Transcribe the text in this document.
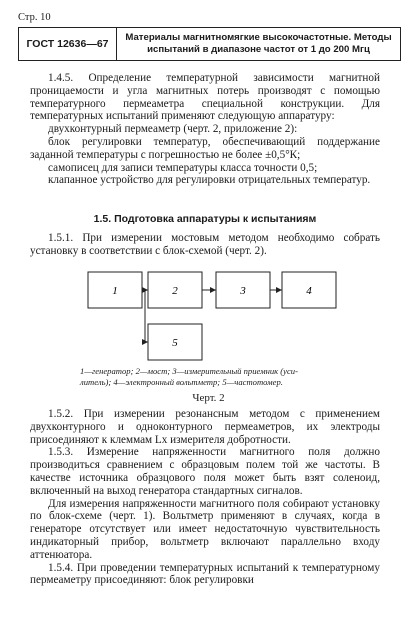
Стр. 10
ГОСТ 12636—67
Материалы магнитномягкие высокочастотные. Методы
испытаний в диапазоне частот от 1 до 200 Мгц

1.4.5. Определение температурной зависимости магнитной проницаемости и угла магнитных потерь производят с помощью температурного пермеаметра специальной конструкции. Для температурных испытаний применяют следующую аппаратуру:

двухконтурный пермеаметр (черт. 2, приложение 2):

блок регулировки температур, обеспечивающий поддержание заданной температуры с погрешностью не более ±0,5°К;

самописец для записи температуры класса точности 0,5;

клапанное устройство для регулировки отрицательных температур.

1.5. Подготовка аппаратуры к испытаниям

1.5.1. При измерении мостовым методом необходимо собрать установку в соответствии с блок-схемой (черт. 2).

1	2	3	4
5
1—генератор; 2—мост; 3—измерительный приемник (уси-
литель); 4—электронный вольтметр; 5—частотомер.
Черт. 2

1.5.2. При измерении резонансным методом с применением двухконтурного и одноконтурного пермеаметров, их электроды присоединяют к клеммам Lx измерителя добротности.

1.5.3. Измерение напряженности магнитного поля должно производиться сравнением с образцовым полем той же частоты. В качестве источника образцового поля может быть взят соленоид, включенный на выход генератора стандартных сигналов.

Для измерения напряженности магнитного поля собирают установку по блок-схеме (черт. 1). Вольтметр применяют в случаях, когда в генераторе отсутствует или имеет недостаточную чувствительность индикаторный прибор, вольтметр включают параллельно входу аттенюатора.

1.5.4. При проведении температурных испытаний к температурному пермеаметру присоединяют: блок регулировки
